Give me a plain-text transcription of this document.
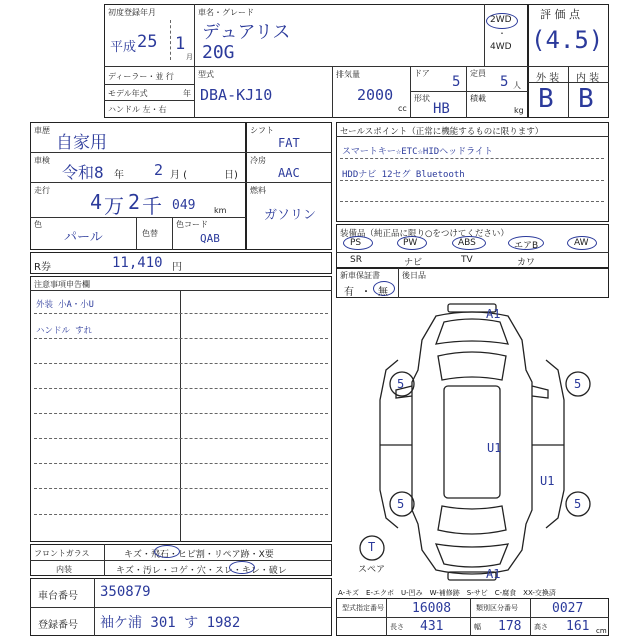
初度登録年月
平成 25 1
月
車名・グレード
デュアリス
20G
2WD
・
4WD
ディーラー・並 行
モデル年式	年
ハンドル 左・右
型式
DBA-KJ10
排気量
2000
cc
ドア
5
定員
5 人
形状
HB
積載
kg
評 価 点
(4.5)
外 装 内 装
B B
車歴
自家用
車検
令和8 年 2 月 (	日)
走行 4 万 2 千 049 km
色
パール	色替
色コード
QAB
シフト
FAT
冷房
AAC
燃料
ガソリン
セールスポイント（正常に機能するものに限ります）
スマートキー☆ETC☆HIDヘッドライト
HDDナビ 12セグ Bluetooth
装備品（純正品に限り○をつけてください）
PS	PW	ABS	エアB	AW
SR	ナビ	TV	カワ
新車保証書
有 ・ 無
後日品
R券	11,410 円
注意事項申告欄
外装 小A・小U
ハンドル すれ
A1
U1
U1
A1
5	5
5	5
T
スペア
フロントガラス	キズ・飛石・ヒビ割・リペア跡・X要
内装	キズ・汚レ・コゲ・穴・スレ・キレ・破レ
A-キズ　E-エクボ　U-凹み　W-補修跡　S-サビ　C-腐食　XX-交換済
車台番号 350879
登録番号 袖ケ浦 301 す 1982
型式指定番号 16008	類別区分番号	0027
長さ 431	幅 178 高さ 161 cm
